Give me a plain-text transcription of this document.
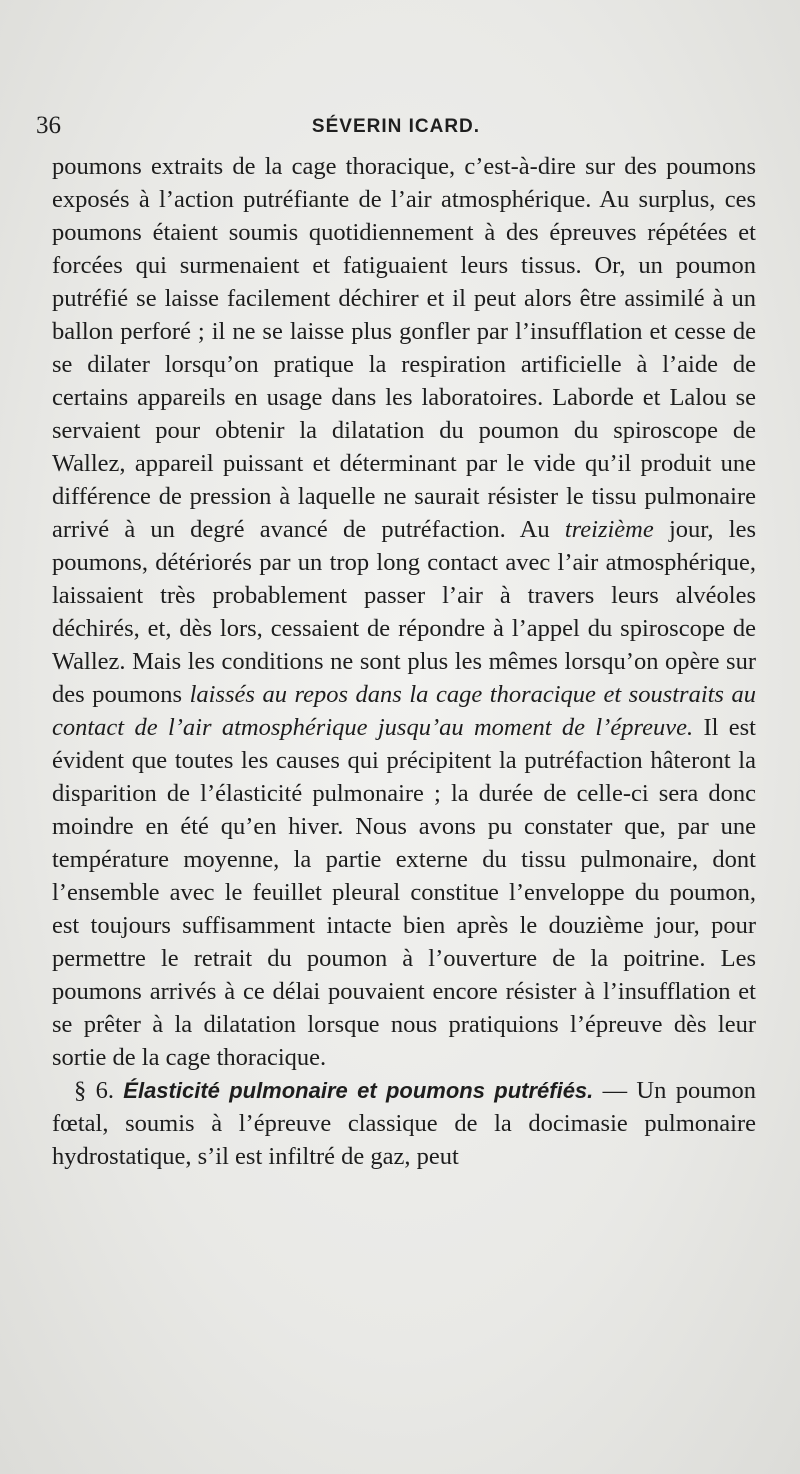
36	SÉVERIN ICARD.

poumons extraits de la cage thoracique, c’est-à-dire sur des poumons exposés à l’action putréfiante de l’air atmosphérique. Au surplus, ces poumons étaient soumis quotidiennement à des épreuves répétées et forcées qui surmenaient et fatiguaient leurs tissus. Or, un poumon putréfié se laisse facilement déchirer et il peut alors être assimilé à un ballon perforé ; il ne se laisse plus gonfler par l’insufflation et cesse de se dilater lorsqu’on pratique la respiration artificielle à l’aide de certains appareils en usage dans les laboratoires. Laborde et Lalou se servaient pour obtenir la dilatation du poumon du spiroscope de Wallez, appareil puissant et déterminant par le vide qu’il produit une différence de pression à laquelle ne saurait résister le tissu pulmonaire arrivé à un degré avancé de putréfaction. Au treizième jour, les poumons, détériorés par un trop long contact avec l’air atmosphérique, laissaient très probablement passer l’air à travers leurs alvéoles déchirés, et, dès lors, cessaient de répondre à l’appel du spiroscope de Wallez. Mais les conditions ne sont plus les mêmes lorsqu’on opère sur des poumons laissés au repos dans la cage thoracique et soustraits au contact de l’air atmosphérique jusqu’au moment de l’épreuve. Il est évident que toutes les causes qui précipitent la putréfaction hâteront la disparition de l’élasticité pulmonaire ; la durée de celle-ci sera donc moindre en été qu’en hiver. Nous avons pu constater que, par une température moyenne, la partie externe du tissu pulmonaire, dont l’ensemble avec le feuillet pleural constitue l’enveloppe du poumon, est toujours suffisamment intacte bien après le douzième jour, pour permettre le retrait du poumon à l’ouverture de la poitrine. Les poumons arrivés à ce délai pouvaient encore résister à l’insufflation et se prêter à la dilatation lorsque nous pratiquions l’épreuve dès leur sortie de la cage thoracique.

§ 6. Élasticité pulmonaire et poumons putréfiés. — Un poumon fœtal, soumis à l’épreuve classique de la docimasie pulmonaire hydrostatique, s’il est infiltré de gaz, peut
